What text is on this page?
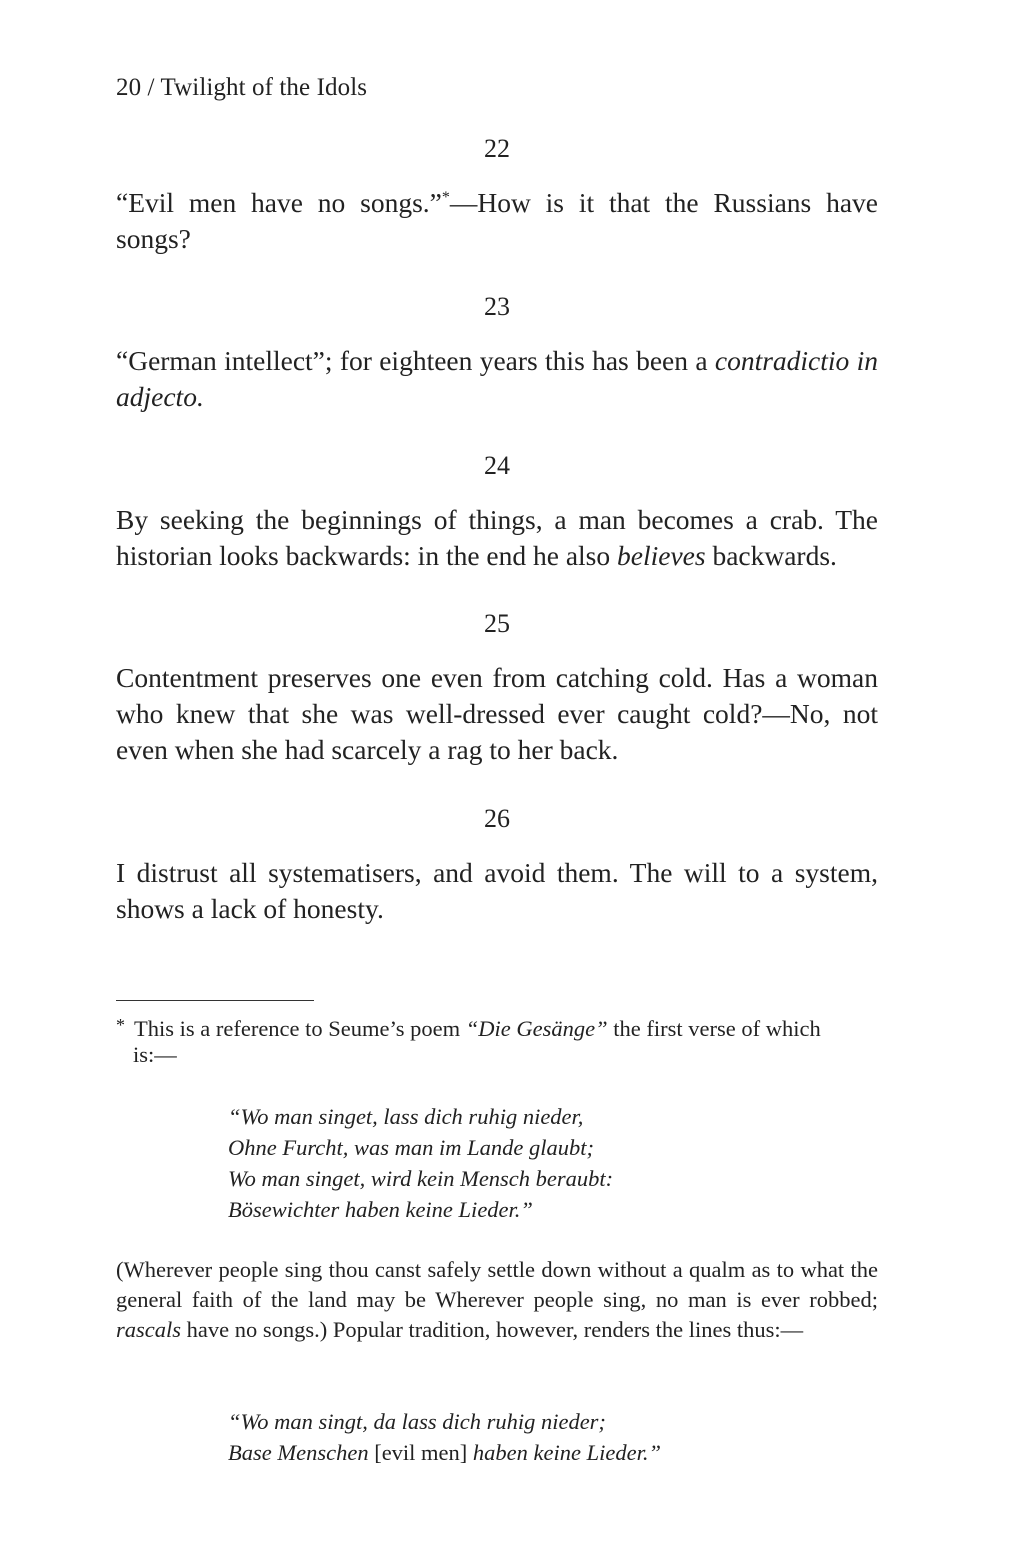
20 / Twilight of the Idols
22

“Evil men have no songs.”*—How is it that the Russians have songs?

23

“German intellect”; for eighteen years this has been a contradictio in adjecto.

24

By seeking the beginnings of things, a man becomes a crab. The historian looks backwards: in the end he also believes backwards.

25

Contentment preserves one even from catching cold. Has a woman who knew that she was well-dressed ever caught cold?—No, not even when she had scarcely a rag to her back.

26

I distrust all systematisers, and avoid them. The will to a system, shows a lack of honesty.

* This is a reference to Seume’s poem “Die Gesänge” the first verse of which

is:—

“Wo man singet, lass dich ruhig nieder,
Ohne Furcht, was man im Lande glaubt;
Wo man singet, wird kein Mensch beraubt:
Bösewichter haben keine Lieder.”

(Wherever people sing thou canst safely settle down without a qualm as to what the general faith of the land may be Wherever people sing, no man is ever robbed; rascals have no songs.) Popular tradition, however, renders the lines thus:—

“Wo man singt, da lass dich ruhig nieder;
Base Menschen [evil men] haben keine Lieder.”
